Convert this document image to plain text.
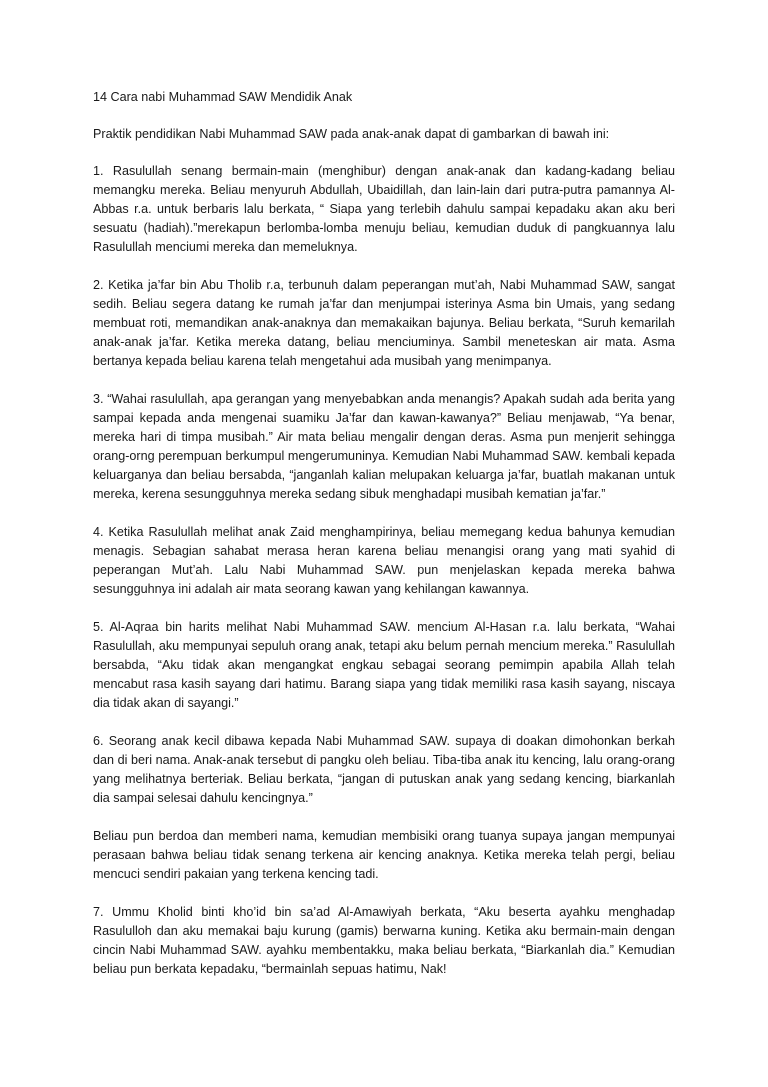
14 Cara nabi Muhammad SAW Mendidik Anak

Praktik pendidikan Nabi Muhammad SAW pada anak-anak dapat di gambarkan di bawah ini:

1. Rasulullah senang bermain-main (menghibur) dengan anak-anak dan kadang-kadang beliau memangku mereka. Beliau menyuruh Abdullah, Ubaidillah, dan lain-lain dari putra-putra pamannya Al-Abbas r.a. untuk berbaris lalu berkata, “ Siapa yang terlebih dahulu sampai kepadaku akan aku beri sesuatu (hadiah).”merekapun berlomba-lomba menuju beliau, kemudian duduk di pangkuannya lalu Rasulullah menciumi mereka dan memeluknya.

2. Ketika ja’far bin Abu Tholib r.a, terbunuh dalam peperangan mut’ah, Nabi Muhammad SAW, sangat sedih. Beliau segera datang ke rumah ja’far dan menjumpai isterinya Asma bin Umais, yang sedang membuat roti, memandikan anak-anaknya dan memakaikan bajunya. Beliau berkata, “Suruh kemarilah anak-anak ja’far. Ketika mereka datang, beliau menciuminya. Sambil meneteskan air mata. Asma bertanya kepada beliau karena telah mengetahui ada musibah yang menimpanya.

3. “Wahai rasulullah, apa gerangan yang menyebabkan anda menangis? Apakah sudah ada berita yang sampai kepada anda mengenai suamiku Ja’far dan kawan-kawanya?” Beliau menjawab, “Ya benar, mereka hari di timpa musibah.” Air mata beliau mengalir dengan deras. Asma pun menjerit sehingga orang-orng perempuan berkumpul mengerumuninya. Kemudian Nabi Muhammad SAW. kembali kepada keluarganya dan beliau bersabda, “janganlah kalian melupakan keluarga ja’far, buatlah makanan untuk mereka, kerena sesungguhnya mereka sedang sibuk menghadapi musibah kematian ja’far.”

4. Ketika Rasulullah melihat anak Zaid menghampirinya, beliau memegang kedua bahunya kemudian menagis. Sebagian sahabat merasa heran karena beliau menangisi orang yang mati syahid di peperangan Mut’ah. Lalu Nabi Muhammad SAW. pun menjelaskan kepada mereka bahwa sesungguhnya ini adalah air mata seorang kawan yang kehilangan kawannya.

5. Al-Aqraa bin harits melihat Nabi Muhammad SAW. mencium Al-Hasan r.a. lalu berkata, “Wahai Rasulullah, aku mempunyai sepuluh orang anak, tetapi aku belum pernah mencium mereka.” Rasulullah bersabda, “Aku tidak akan mengangkat engkau sebagai seorang pemimpin apabila Allah telah mencabut rasa kasih sayang dari hatimu. Barang siapa yang tidak memiliki rasa kasih sayang, niscaya dia tidak akan di sayangi.”

6. Seorang anak kecil dibawa kepada Nabi Muhammad SAW. supaya di doakan dimohonkan berkah dan di beri nama. Anak-anak tersebut di pangku oleh beliau. Tiba-tiba anak itu kencing, lalu orang-orang yang melihatnya berteriak. Beliau berkata, “jangan di putuskan anak yang sedang kencing, biarkanlah dia sampai selesai dahulu kencingnya.”

Beliau pun berdoa dan memberi nama, kemudian membisiki orang tuanya supaya jangan mempunyai perasaan bahwa beliau tidak senang terkena air kencing anaknya. Ketika mereka telah pergi, beliau mencuci sendiri pakaian yang terkena kencing tadi.

7. Ummu Kholid binti kho’id bin sa’ad Al-Amawiyah berkata, “Aku beserta ayahku menghadap Rasululloh dan aku memakai baju kurung (gamis) berwarna kuning. Ketika aku bermain-main dengan cincin Nabi Muhammad SAW. ayahku membentakku, maka beliau berkata, “Biarkanlah dia.” Kemudian beliau pun berkata kepadaku, “bermainlah sepuas hatimu, Nak!
